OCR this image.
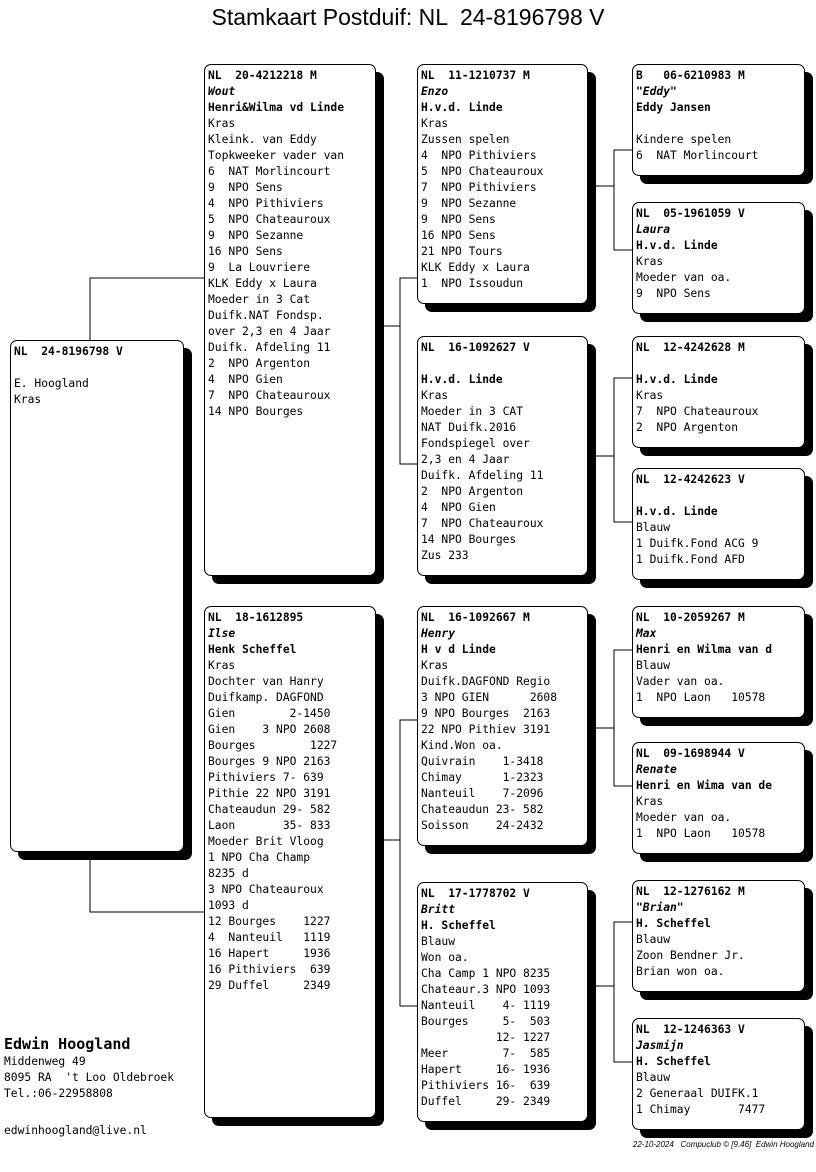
Stamkaart Postduif: NL  24-8196798 V
NL  24-8196798 V
E. Hoogland
Kras
NL  20-4212218 M
Wout
Henri&Wilma vd Linde
Kras
Kleink. van Eddy
Topkweeker vader van
6  NAT Morlincourt
9  NPO Sens
4  NPO Pithiviers
5  NPO Chateauroux
9  NPO Sezanne
16 NPO Sens
9  La Louvriere
KLK Eddy x Laura
Moeder in 3 Cat
Duifk.NAT Fondsp.
over 2,3 en 4 Jaar
Duifk. Afdeling 11
2  NPO Argenton
4  NPO Gien
7  NPO Chateauroux
14 NPO Bourges
NL  18-1612895
Ilse
Henk Scheffel
Kras
Dochter van Hanry
Duifkamp. DAGFOND
Gien        2-1450
Gien    3 NPO 2608
Bourges        1227
Bourges 9 NPO 2163
Pithiviers 7- 639
Pithie 22 NPO 3191
Chateaudun 29- 582
Laon       35- 833
Moeder Brit Vloog
1 NPO Cha Champ
8235 d
3 NPO Chateauroux
1093 d
12 Bourges    1227
4  Nanteuil   1119
16 Hapert     1936
16 Pithiviers  639
29 Duffel     2349
NL  11-1210737 M
Enzo
H.v.d. Linde
Kras
Zussen spelen
4  NPO Pithiviers
5  NPO Chateauroux
7  NPO Pithiviers
9  NPO Sezanne
9  NPO Sens
16 NPO Sens
21 NPO Tours
KLK Eddy x Laura
1  NPO Issoudun
NL  16-1092627 V
H.v.d. Linde
Kras
Moeder in 3 CAT
NAT Duifk.2016
Fondspiegel over
2,3 en 4 Jaar
Duifk. Afdeling 11
2  NPO Argenton
4  NPO Gien
7  NPO Chateauroux
14 NPO Bourges
Zus 233
NL  16-1092667 M
Henry
H v d Linde
Kras
Duifk.DAGFOND Regio
3 NPO GIEN      2608
9 NPO Bourges  2163
22 NPO Pithiev 3191
Kind.Won oa.
Quivrain    1-3418
Chimay      1-2323
Nanteuil    7-2096
Chateaudun 23- 582
Soisson    24-2432
NL  17-1778702 V
Britt
H. Scheffel
Blauw
Won oa.
Cha Camp 1 NPO 8235
Chateaur.3 NPO 1093
Nanteuil    4- 1119
Bourges     5-  503
12- 1227
Meer        7-  585
Hapert     16- 1936
Pithiviers 16-  639
Duffel     29- 2349
B   06-6210983 M
"Eddy"
Eddy Jansen
Kindere spelen
6  NAT Morlincourt
NL  05-1961059 V
Laura
H.v.d. Linde
Kras
Moeder van oa.
9  NPO Sens
NL  12-4242628 M
H.v.d. Linde
Kras
7  NPO Chateauroux
2  NPO Argenton
NL  12-4242623 V
H.v.d. Linde
Blauw
1 Duifk.Fond ACG 9
1 Duifk.Fond AFD
NL  10-2059267 M
Max
Henri en Wilma van d
Blauw
Vader van oa.
1  NPO Laon   10578
NL  09-1698944 V
Renate
Henri en Wima van de
Kras
Moeder van oa.
1  NPO Laon   10578
NL  12-1276162 M
"Brian"
H. Scheffel
Blauw
Zoon Bendner Jr.
Brian won oa.
NL  12-1246363 V
Jasmijn
H. Scheffel
Blauw
2 Generaal DUIFK.1
1 Chimay       7477
Edwin Hoogland
Middenweg 49
8095 RA  't Loo Oldebroek
Tel.:06-22958808
edwinhoogland@live.nl
22-10-2024   Compuclub © [9.46]  Edwin Hoogland
